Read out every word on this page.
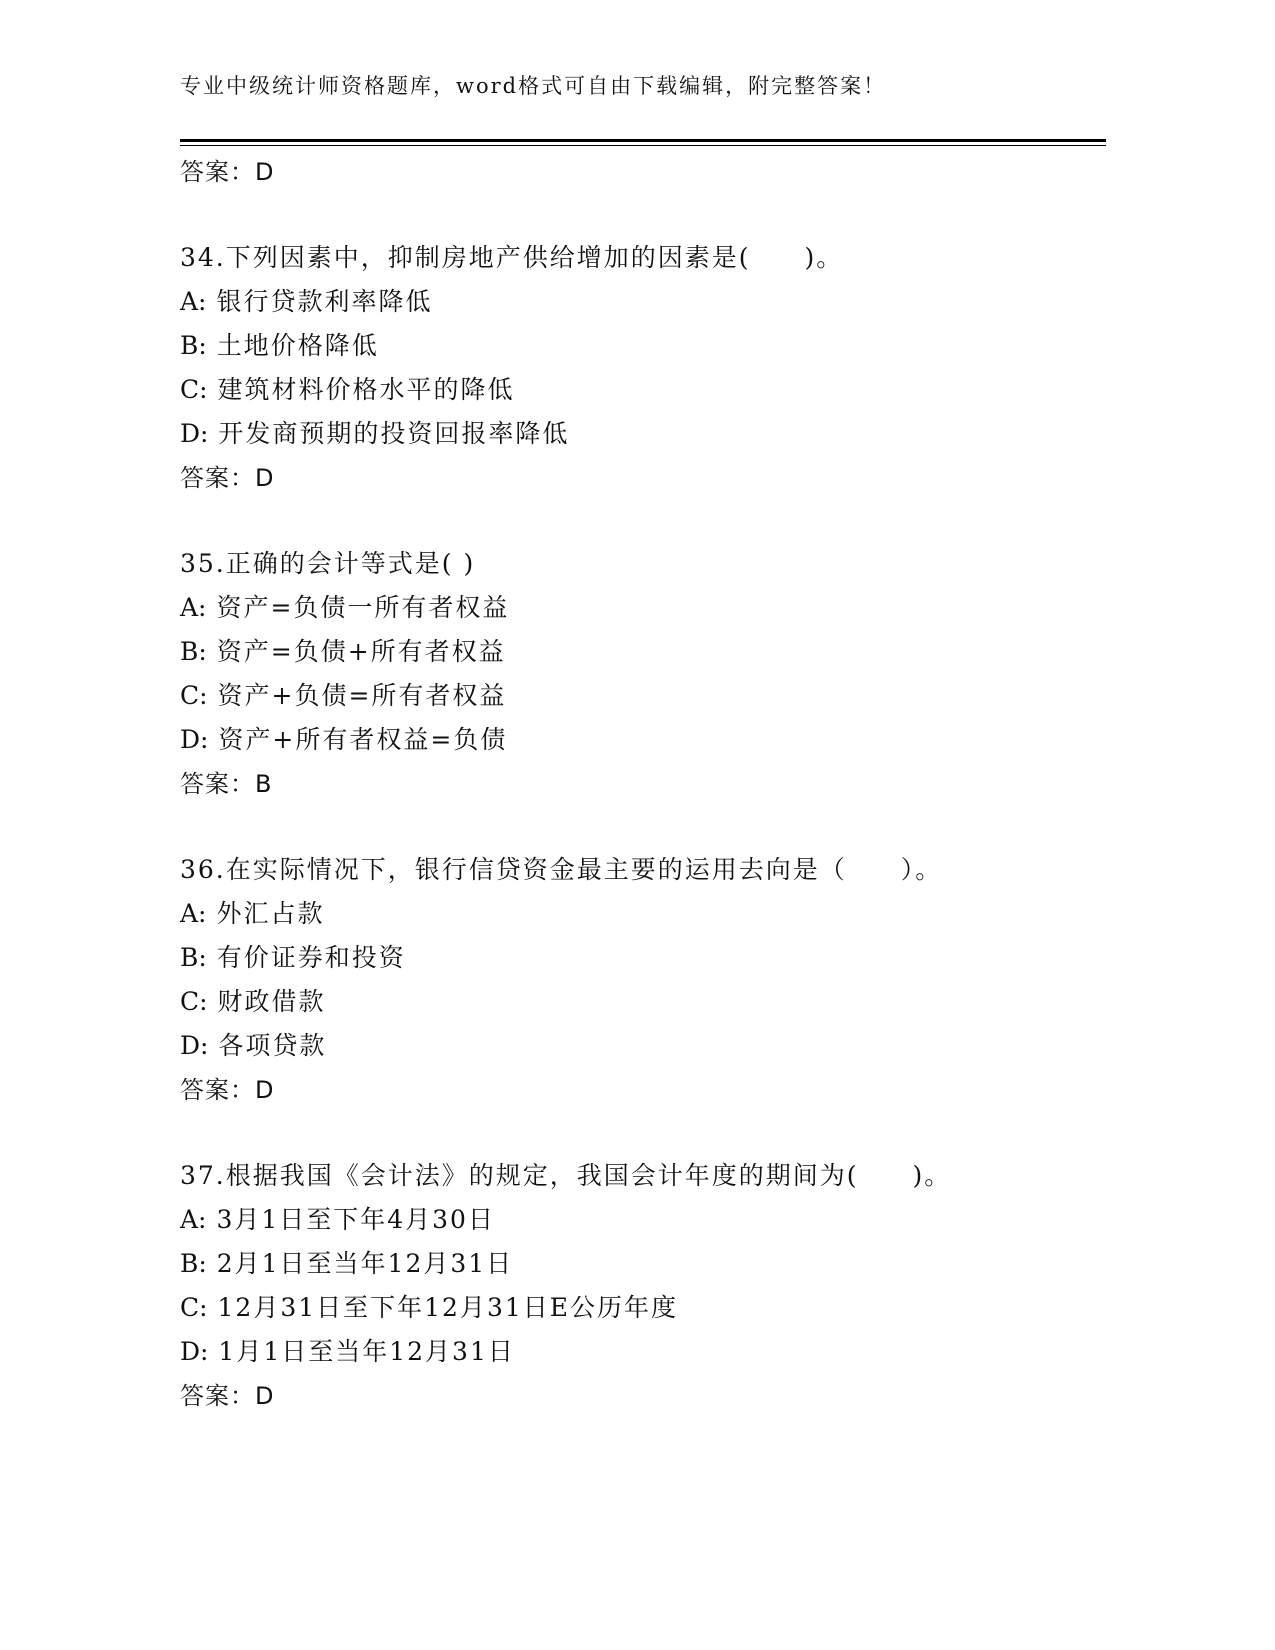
专业中级统计师资格题库，word格式可自由下载编辑，附完整答案！
答案：D
34.下列因素中，抑制房地产供给增加的因素是(　　)。
A: 银行贷款利率降低
B: 土地价格降低
C: 建筑材料价格水平的降低
D: 开发商预期的投资回报率降低
答案：D
35.正确的会计等式是( )
A: 资产=负债一所有者权益
B: 资产=负债+所有者权益
C: 资产+负债=所有者权益
D: 资产+所有者权益=负债
答案：B
36.在实际情况下，银行信贷资金最主要的运用去向是（　　）。
A: 外汇占款
B: 有价证券和投资
C: 财政借款
D: 各项贷款
答案：D
37.根据我国《会计法》的规定，我国会计年度的期间为(　　)。
A: 3月1日至下年4月30日
B: 2月1日至当年12月31日
C: 12月31日至下年12月31日E公历年度
D: 1月1日至当年12月31日
答案：D
